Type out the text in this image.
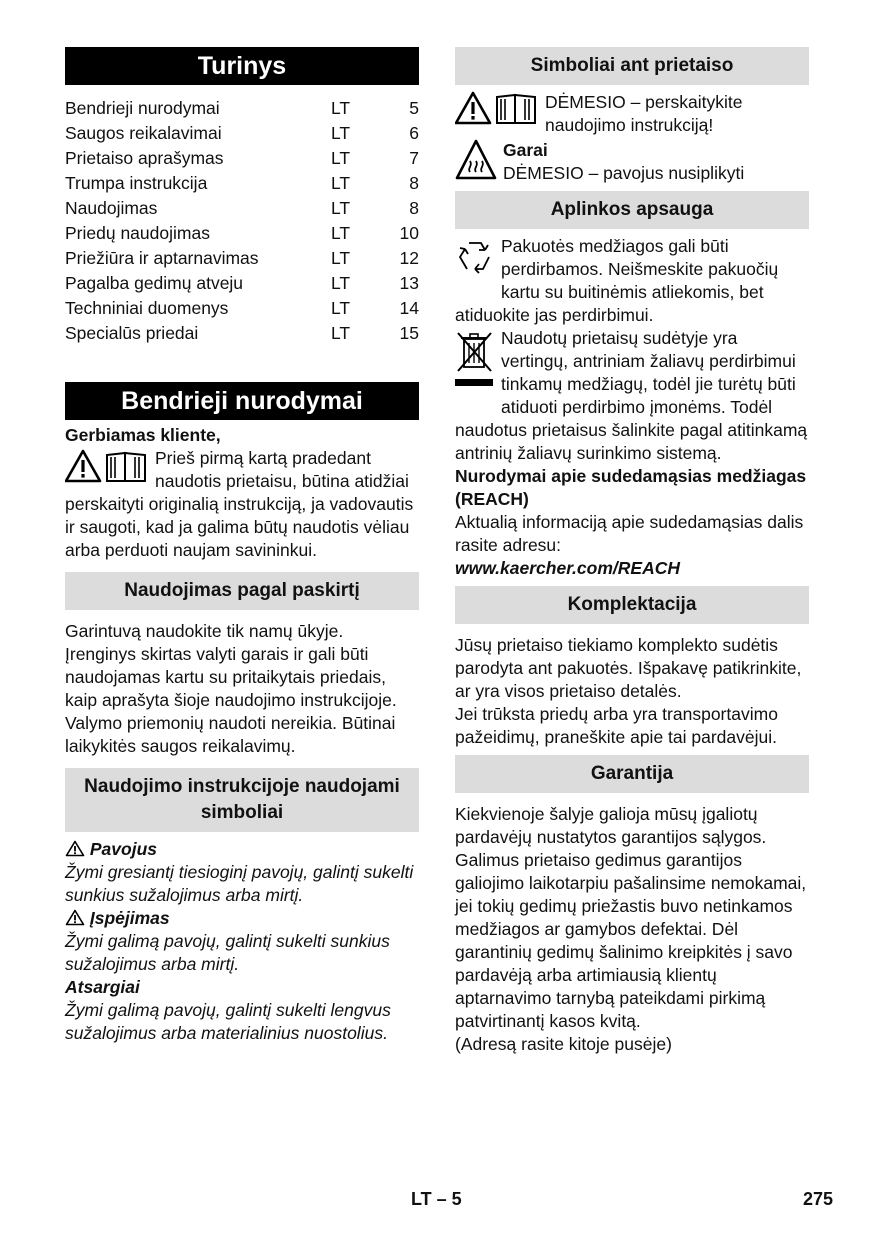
Turinys
Bendrieji nurodymai	LT	5
Saugos reikalavimai	LT	6
Prietaiso aprašymas	LT	7
Trumpa instrukcija	LT	8
Naudojimas	LT	8
Priedų naudojimas	LT	10
Priežiūra ir aptarnavimas	LT	12
Pagalba gedimų atveju	LT	13
Techniniai duomenys	LT	14
Specialūs priedai	LT	15
Bendrieji nurodymai

Gerbiamas kliente,

Prieš pirmą kartą pradedant naudotis prietaisu, būtina atidžiai perskaityti originalią instrukciją, ja vadovautis ir saugoti, kad ja galima būtų naudotis vėliau arba perduoti naujam savininkui.
Naudojimas pagal paskirtį

Garintuvą naudokite tik namų ūkyje. Įrenginys skirtas valyti garais ir gali būti naudojamas kartu su pritaikytais priedais, kaip aprašyta šioje naudojimo instrukcijoje. Valymo priemonių naudoti nereikia. Būtinai laikykitės saugos reikalavimų.

Naudojimo instrukcijoje naudojami simboliai

Pavojus

Žymi gresiantį tiesioginį pavojų, galintį sukelti sunkius sužalojimus arba mirtį.

Įspėjimas

Žymi galimą pavojų, galintį sukelti sunkius sužalojimus arba mirtį.

Atsargiai

Žymi galimą pavojų, galintį sukelti lengvus sužalojimus arba materialinius nuostolius.

Simboliai ant prietaiso
DĖMESIO – perskaitykite naudojimo instrukciją!

Garai

DĖMESIO – pavojus nusiplikyti

Aplinkos apsauga
Pakuotės medžiagos gali būti perdirbamos. Neišmeskite pakuočių kartu su buitinėmis atliekomis, bet atiduokite jas perdirbimui.
Naudotų prietaisų sudėtyje yra vertingų, antriniam žaliavų perdirbimui tinkamų medžiagų, todėl jie turėtų būti atiduoti perdirbimo įmonėms. Todėl naudotus prietaisus šalinkite pagal atitinkamą antrinių žaliavų surinkimo sistemą.

Nurodymai apie sudedamąsias medžiagas (REACH)

Aktualią informaciją apie sudedamąsias dalis rasite adresu:

www.kaercher.com/REACH

Komplektacija

Jūsų prietaiso tiekiamo komplekto sudėtis parodyta ant pakuotės. Išpakavę patikrinkite, ar yra visos prietaiso detalės.

Jei trūksta priedų arba yra transportavimo pažeidimų, praneškite apie tai pardavėjui.

Garantija

Kiekvienoje šalyje galioja mūsų įgaliotų pardavėjų nustatytos garantijos sąlygos. Galimus prietaiso gedimus garantijos galiojimo laikotarpiu pašalinsime nemokamai, jei tokių gedimų priežastis buvo netinkamos medžiagos ar gamybos defektai. Dėl garantinių gedimų šalinimo kreipkitės į savo pardavėją arba artimiausią klientų aptarnavimo tarnybą pateikdami pirkimą patvirtinantį kasos kvitą.

(Adresą rasite kitoje pusėje)

LT – 5	275
